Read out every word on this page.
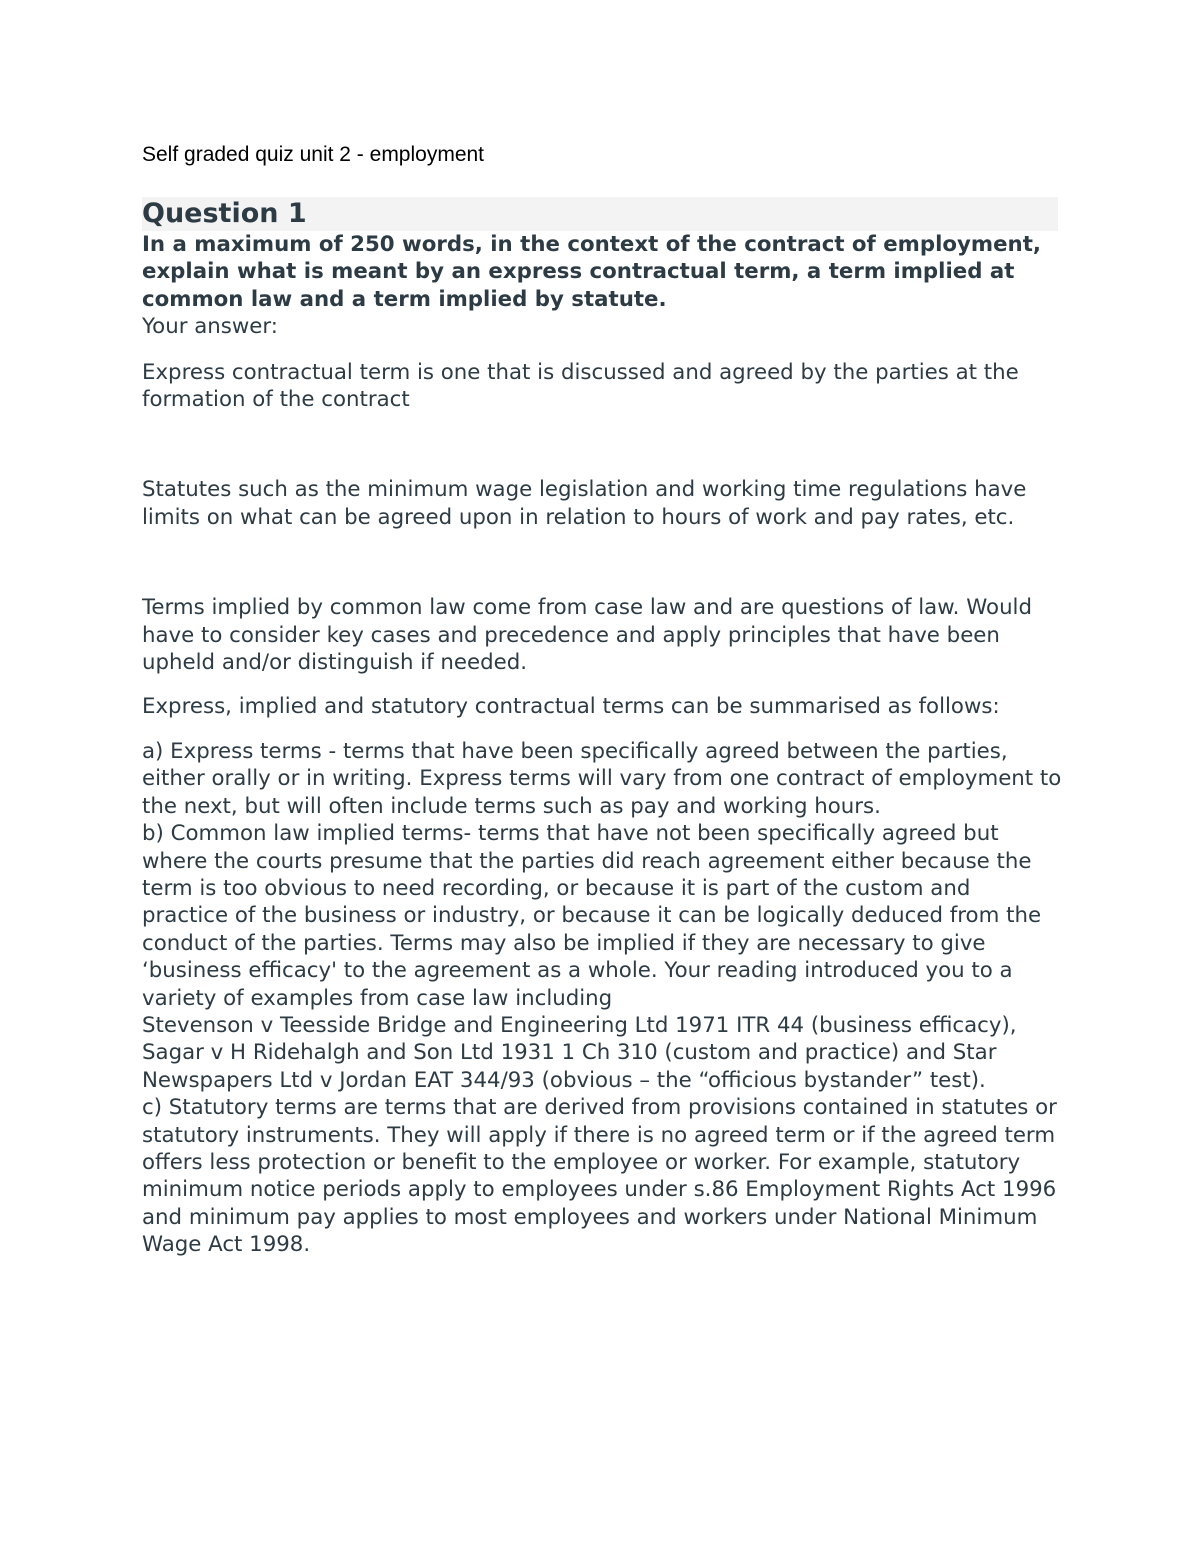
Self graded quiz unit 2 - employment
Question 1

In a maximum of 250 words, in the context of the contract of employment, explain what is meant by an express contractual term, a term implied at common law and a term implied by statute.

Your answer:

Express contractual term is one that is discussed and agreed by the parties at the formation of the contract

Statutes such as the minimum wage legislation and working time regulations have limits on what can be agreed upon in relation to hours of work and pay rates, etc.

Terms implied by common law come from case law and are questions of law. Would have to consider key cases and precedence and apply principles that have been upheld and/or distinguish if needed.

Express, implied and statutory contractual terms can be summarised as follows:

a) Express terms - terms that have been specifically agreed between the parties, either orally or in writing. Express terms will vary from one contract of employment to the next, but will often include terms such as pay and working hours.

b) Common law implied terms- terms that have not been specifically agreed but where the courts presume that the parties did reach agreement either because the term is too obvious to need recording, or because it is part of the custom and practice of the business or industry, or because it can be logically deduced from the conduct of the parties. Terms may also be implied if they are necessary to give ‘business efficacy' to the agreement as a whole. Your reading introduced you to a variety of examples from case law including

Stevenson v Teesside Bridge and Engineering Ltd 1971 ITR 44 (business efficacy), Sagar v H Ridehalgh and Son Ltd 1931 1 Ch 310 (custom and practice) and Star Newspapers Ltd v Jordan EAT 344/93 (obvious – the “officious bystander” test).

c) Statutory terms are terms that are derived from provisions contained in statutes or statutory instruments. They will apply if there is no agreed term or if the agreed term offers less protection or benefit to the employee or worker. For example, statutory minimum notice periods apply to employees under s.86 Employment Rights Act 1996 and minimum pay applies to most employees and workers under National Minimum Wage Act 1998.
